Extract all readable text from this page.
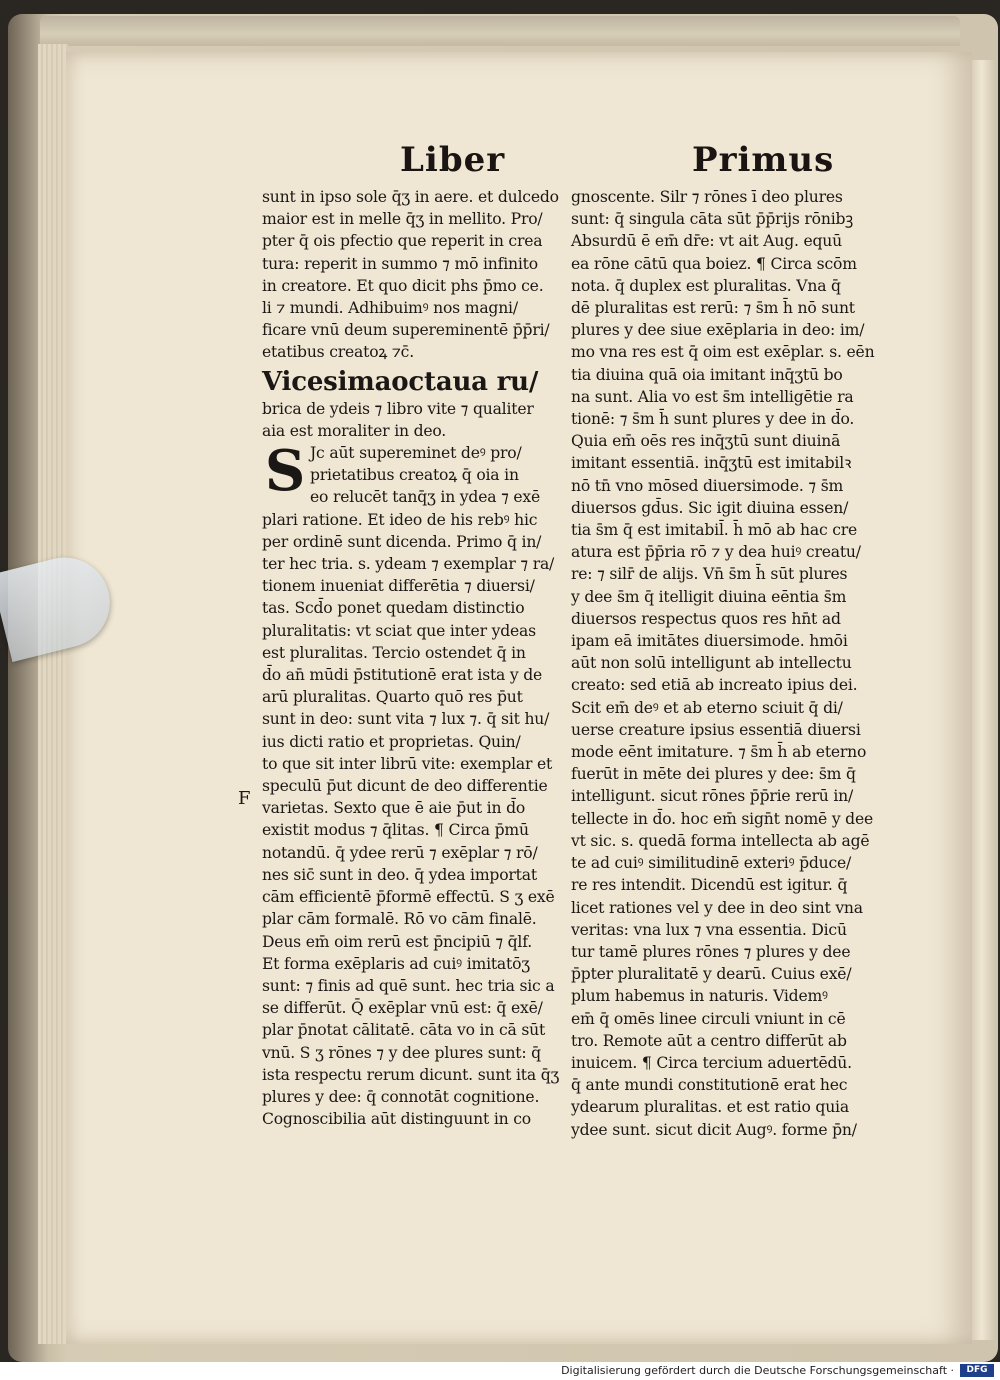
Liber	Primus
F
sunt in ipso sole q̄ʒ in aere. et dulcedo
maior est in melle q̄ʒ in mellito. Pro/
pter q̄ ois pfectio que reperit in crea
tura: reperit in summo ⁊ mō infinito
in creatore. Et quo dicit phs p̄mo ce.
li ⁊ mundi. Adhibuimꝰ nos magni/
ficare vnū deum supereminentē p̄p̄ri/
etatibus creatoꝝ ⁊c̄.
Vicesimaoctaua ru/
brica de ydeis ⁊ libro vite ⁊ qualiter
aia est moraliter in deo.
S Jc aūt supereminet deꝰ pro/
prietatibus creatoꝝ q̄ oia in
eo relucēt tanq̄ʒ in ydea ⁊ exē
plari ratione. Et ideo de his rebꝰ hic
per ordinē sunt dicenda. Primo q̄ in/
ter hec tria. s. ydeam ⁊ exemplar ⁊ ra/
tionem inueniat differētia ⁊ diuersi/
tas. Scd̄o ponet quedam distinctio
pluralitatis: vt sciat que inter ydeas
est pluralitas. Tercio ostendet q̄ in
d̄o an̄ mūdi p̄stitutionē erat ista y de
arū pluralitas. Quarto quō res p̄ut
sunt in deo: sunt vita ⁊ lux ⁊. q̄ sit hu/
ius dicti ratio et proprietas. Quin/
to que sit inter librū vite: exemplar et
speculū p̄ut dicunt de deo differentie
varietas. Sexto que ē aie p̄ut in d̄o
existit modus ⁊ q̄litas. ¶ Circa p̄mū
notandū. q̄ ydee rerū ⁊ exēplar ⁊ rō/
nes sic̄ sunt in deo. q̄ ydea importat
cām efficientē p̄formē effectū. S ʒ exē
plar cām formalē. Rō vo cām finalē.
Deus em̄ oim rerū est p̄ncipiū ⁊ q̄lf.
Et forma exēplaris ad cuiꝰ imitatōʒ
sunt: ⁊ finis ad quē sunt. hec tria sic a
se differūt. Q̄ exēplar vnū est: q̄ exē/
plar p̄notat cālitatē. cāta vo in cā sūt
vnū. S ʒ rōnes ⁊ y dee plures sunt: q̄
ista respectu rerum dicunt. sunt ita q̄ʒ
plures y dee: q̄ connotāt cognitione.
Cognoscibilia aūt distinguunt in co
gnoscente. Silr ⁊ rōnes ī deo plures
sunt: q̄ singula cāta sūt p̄p̄rijs rōnibꝫ
Absurdū ē em̄ dr̄e: vt ait Aug. equū
ea rōne cātū qua boiez. ¶ Circa scōm
nota. q̄ duplex est pluralitas. Vna q̄
dē pluralitas est rerū: ⁊ s̄m h̄ nō sunt
plures y dee siue exēplaria in deo: im/
mo vna res est q̄ oim est exēplar. s. eēn
tia diuina quā oia imitant inq̄ʒtū bo
na sunt. Alia vo est s̄m intelligētie ra
tionē: ⁊ s̄m h̄ sunt plures y dee in d̄o.
Quia em̄ oēs res inq̄ʒtū sunt diuinā
imitant essentiā. inq̄ʒtū est imitabilꝛ
nō tn̄ vno mōsed diuersimode. ⁊ s̄m
diuersos gd̄us. Sic igit diuina essen/
tia s̄m q̄ est imitabil̄. h̄ mō ab hac cre
atura est p̄p̄ria rō ⁊ y dea huiꝰ creatu/
re: ⁊ silr̄ de alijs. Vn̄ s̄m h̄ sūt plures
y dee s̄m q̄ itelligit diuina eēntia s̄m
diuersos respectus quos res hn̄t ad
ipam eā imitātes diuersimode. hmōi
aūt non solū intelligunt ab intellectu
creato: sed etiā ab increato ipius dei.
Scit em̄ deꝰ et ab eterno sciuit q̄ di/
uerse creature ipsius essentiā diuersi
mode eēnt imitature. ⁊ s̄m h̄ ab eterno
fuerūt in mēte dei plures y dee: s̄m q̄
intelligunt. sicut rōnes p̄p̄rie rerū in/
tellecte in d̄o. hoc em̄ sign̄t nomē y dee
vt sic. s. quedā forma intellecta ab agē
te ad cuiꝰ similitudinē exteriꝰ p̄duce/
re res intendit. Dicendū est igitur. q̄
licet rationes vel y dee in deo sint vna
veritas: vna lux ⁊ vna essentia. Dicū
tur tamē plures rōnes ⁊ plures y dee
p̄pter pluralitatē y dearū. Cuius exē/
plum habemus in naturis. Videmꝰ
em̄ q̄ omēs linee circuli vniunt in cē
tro. Remote aūt a centro differūt ab
inuicem. ¶ Circa tercium aduertēdū.
q̄ ante mundi constitutionē erat hec
ydearum pluralitas. et est ratio quia
ydee sunt. sicut dicit Augꝰ. forme p̄n/
Digitalisierung gefördert durch die Deutsche Forschungsgemeinschaft ·	DFG
